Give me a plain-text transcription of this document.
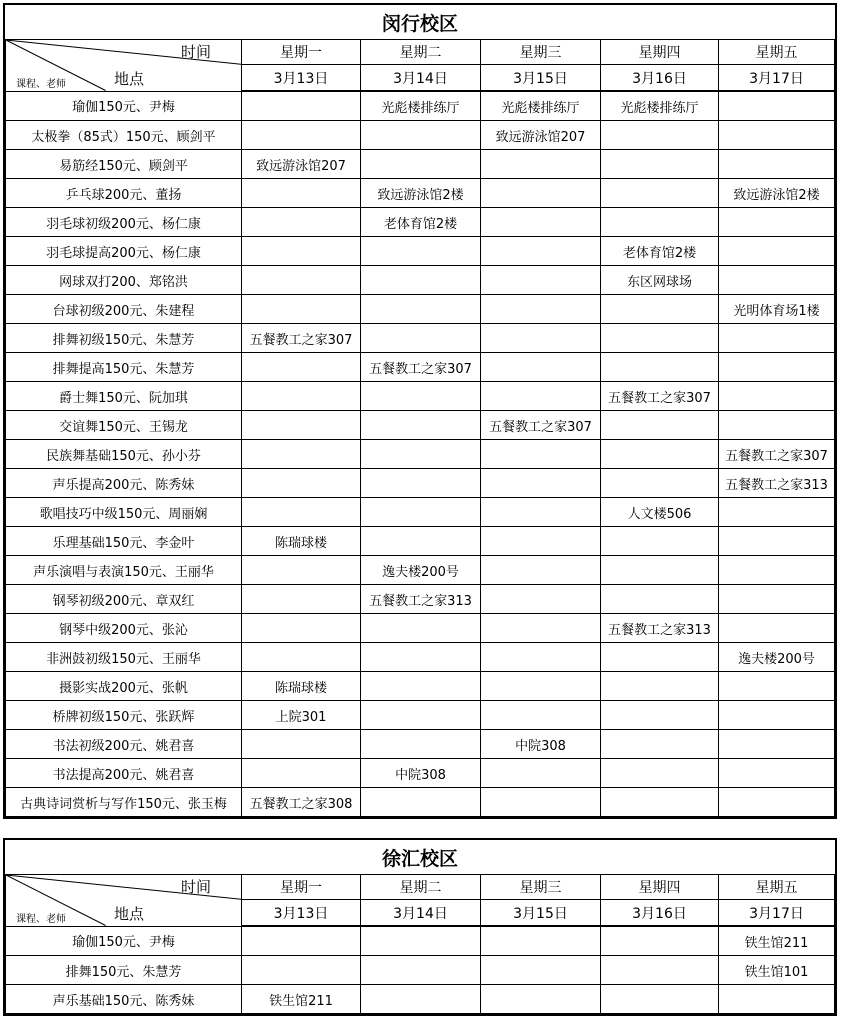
闵行校区					

时间
地点
课程、老师	星期一	星期二	星期三	星期四	星期五
	3月13日	3月14日	3月15日	3月16日	3月17日
瑜伽150元、尹梅		光彪楼排练厅	光彪楼排练厅	光彪楼排练厅	
太极拳（85式）150元、顾剑平			致远游泳馆207		
易筋经150元、顾剑平	致远游泳馆207				
乒乓球200元、董扬		致远游泳馆2楼			致远游泳馆2楼
羽毛球初级200元、杨仁康		老体育馆2楼			
羽毛球提高200元、杨仁康				老体育馆2楼	
网球双打200、郑铭洪				东区网球场	
台球初级200元、朱建程					光明体育场1楼
排舞初级150元、朱慧芳	五餐教工之家307				
排舞提高150元、朱慧芳		五餐教工之家307			
爵士舞150元、阮加琪				五餐教工之家307	
交谊舞150元、王锡龙			五餐教工之家307		
民族舞基础150元、孙小芬					五餐教工之家307
声乐提高200元、陈秀妹					五餐教工之家313
歌唱技巧中级150元、周丽娴				人文楼506	
乐理基础150元、李金叶	陈瑞球楼				
声乐演唱与表演150元、王丽华		逸夫楼200号			
钢琴初级200元、章双红		五餐教工之家313			
钢琴中级200元、张沁				五餐教工之家313	
非洲鼓初级150元、王丽华					逸夫楼200号
摄影实战200元、张帆	陈瑞球楼				
桥牌初级150元、张跃辉	上院301				
书法初级200元、姚君喜			中院308		
书法提高200元、姚君喜		中院308			
古典诗词赏析与写作150元、张玉梅	五餐教工之家308				
徐汇校区					

时间
地点
课程、老师	星期一	星期二	星期三	星期四	星期五
	3月13日	3月14日	3月15日	3月16日	3月17日
瑜伽150元、尹梅					铁生馆211
排舞150元、朱慧芳					铁生馆101
声乐基础150元、陈秀妹	铁生馆211				
